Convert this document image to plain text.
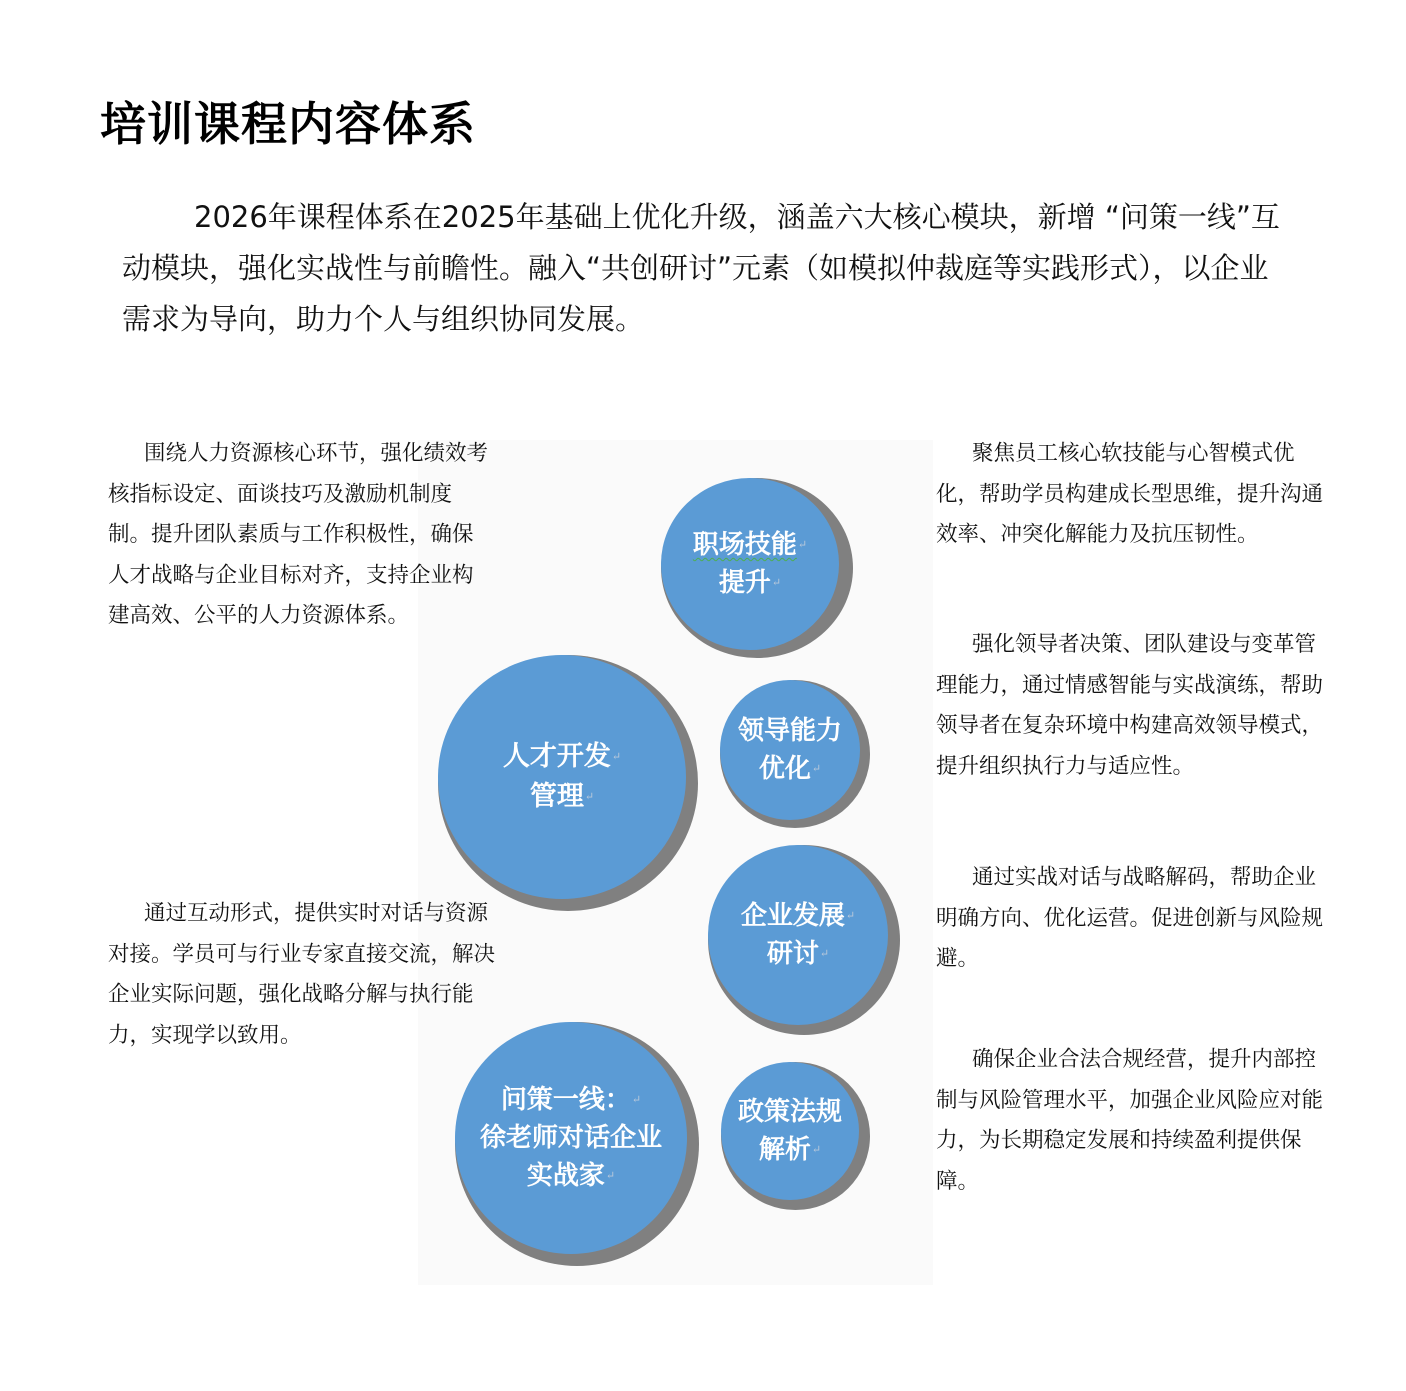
培训课程内容体系

2026年课程体系在2025年基础上优化升级，涵盖六大核心模块，新增 “问策一线”互动模块，强化实战性与前瞻性。融入“共创研讨”元素（如模拟仲裁庭等实践形式），以企业需求为导向，助力个人与组织协同发展。

围绕人力资源核心环节，强化绩效考核指标设定、面谈技巧及激励机制度制。提升团队素质与工作积极性，确保人才战略与企业目标对齐，支持企业构建高效、公平的人力资源体系。

通过互动形式，提供实时对话与资源对接。学员可与行业专家直接交流，解决企业实际问题，强化战略分解与执行能力，实现学以致用。

聚焦员工核心软技能与心智模式优化，帮助学员构建成长型思维，提升沟通效率、冲突化解能力及抗压韧性。

强化领导者决策、团队建设与变革管理能力，通过情感智能与实战演练，帮助领导者在复杂环境中构建高效领导模式，提升组织执行力与适应性。

通过实战对话与战略解码，帮助企业明确方向、优化运营。促进创新与风险规避。

确保企业合法合规经营，提升内部控制与风险管理水平，加强企业风险应对能力，为长期稳定发展和持续盈利提供保障。

职场技能↵
提升↵
人才开发↵
管理↵
领导能力
优化↵
企业发展↵
研讨↵
问策一线：↵
徐老师对话企业
实战家↵
政策法规
解析↵
